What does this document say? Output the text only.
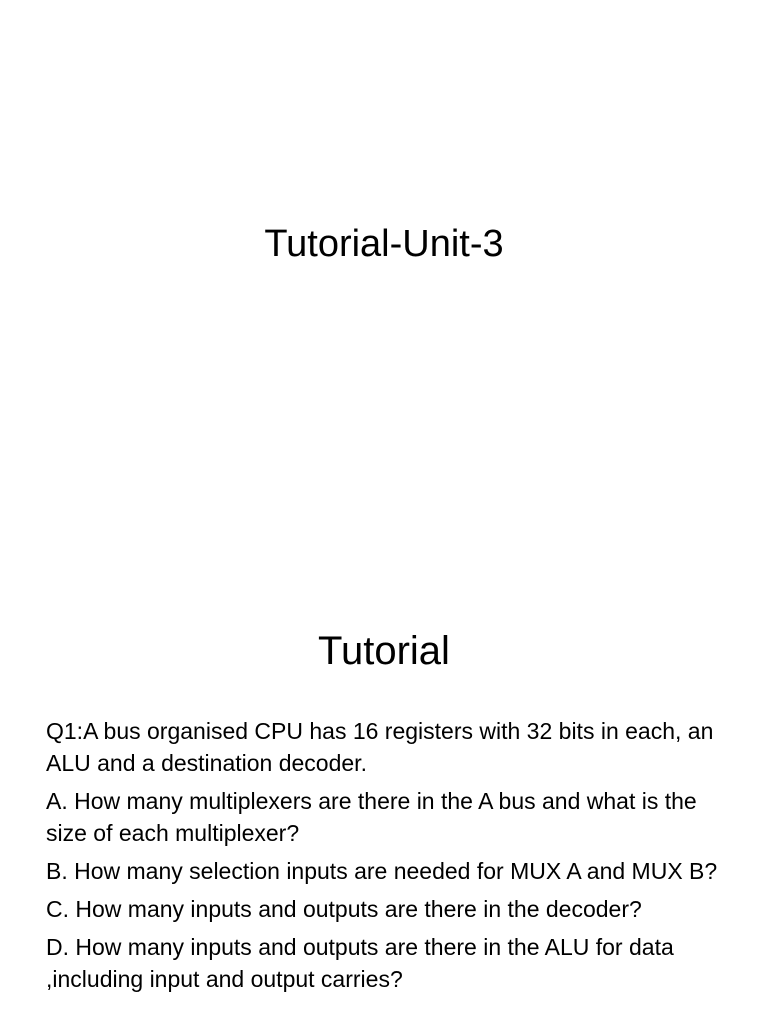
Tutorial-Unit-3
Tutorial

Q1:A bus organised CPU has 16 registers with 32 bits in each, an ALU and a destination decoder.

A. How many multiplexers are there in the A bus and what is the size of each multiplexer?

B. How many selection inputs are needed for MUX A and MUX B?

C. How many inputs and outputs are there in the decoder?

D. How many inputs and outputs are there in the ALU for data ,including input and output carries?
